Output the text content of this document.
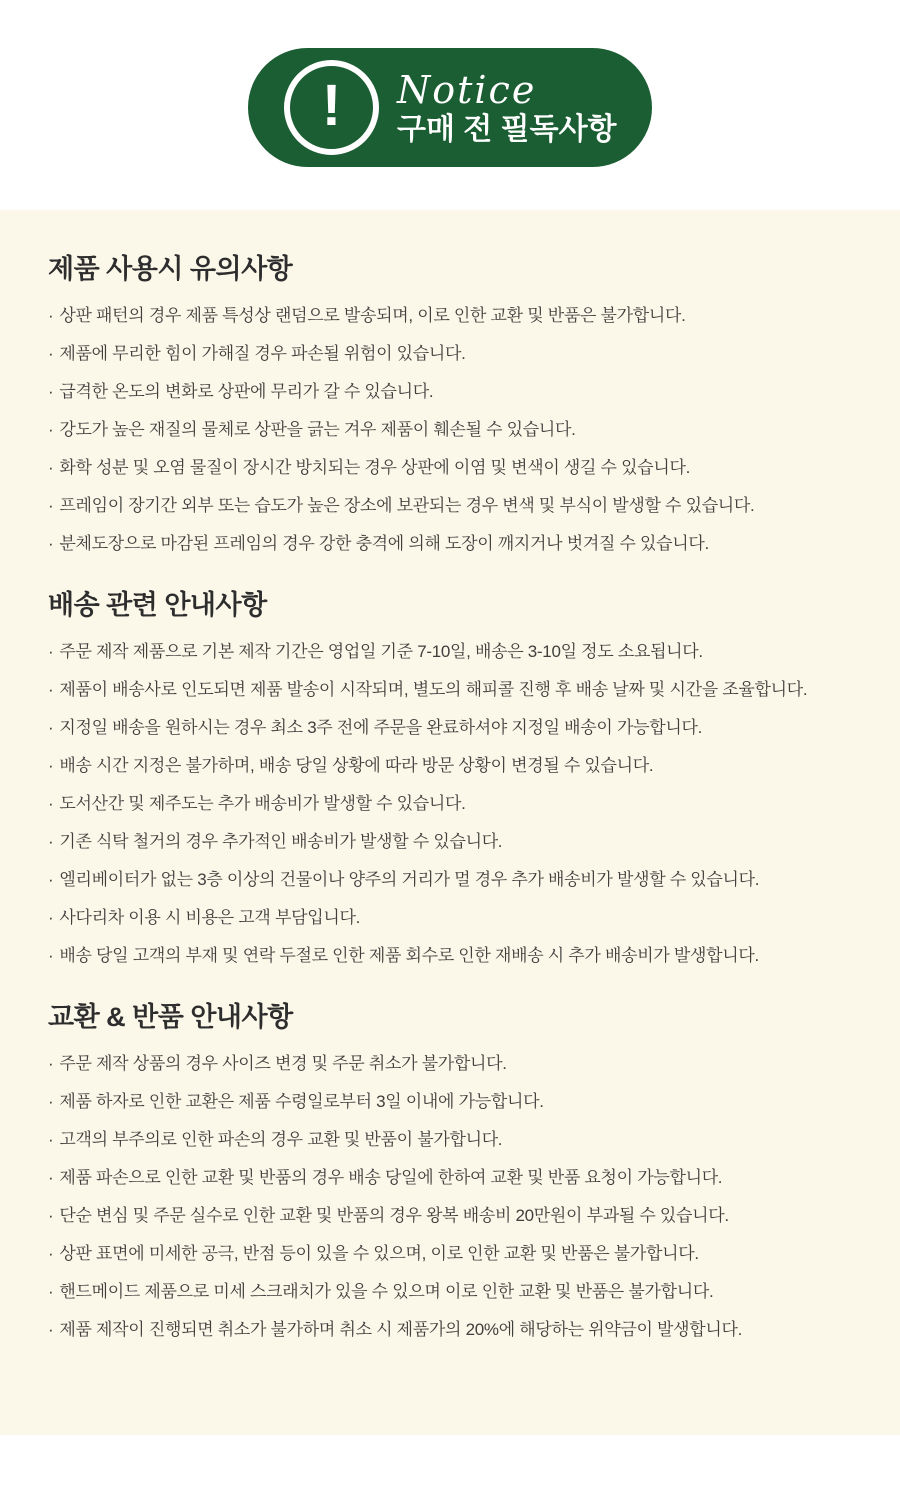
! Notice
구매 전 필독사항
제품 사용시 유의사항
· 상판 패턴의 경우 제품 특성상 랜덤으로 발송되며, 이로 인한 교환 및 반품은 불가합니다.
· 제품에 무리한 힘이 가해질 경우 파손될 위험이 있습니다.
· 급격한 온도의 변화로 상판에 무리가 갈 수 있습니다.
· 강도가 높은 재질의 물체로 상판을 긁는 겨우 제품이 훼손될 수 있습니다.
· 화학 성분 및 오염 물질이 장시간 방치되는 경우 상판에 이염 및 변색이 생길 수 있습니다.
· 프레임이 장기간 외부 또는 습도가 높은 장소에 보관되는 경우 변색 및 부식이 발생할 수 있습니다.
· 분체도장으로 마감된 프레임의 경우 강한 충격에 의해 도장이 깨지거나 벗겨질 수 있습니다.
배송 관련 안내사항
· 주문 제작 제품으로 기본 제작 기간은 영업일 기준 7-10일, 배송은 3-10일 정도 소요됩니다.
· 제품이 배송사로 인도되면 제품 발송이 시작되며, 별도의 해피콜 진행 후 배송 날짜 및 시간을 조율합니다.
· 지정일 배송을 원하시는 경우 최소 3주 전에 주문을 완료하셔야 지정일 배송이 가능합니다.
· 배송 시간 지정은 불가하며, 배송 당일 상황에 따라 방문 상황이 변경될 수 있습니다.
· 도서산간 및 제주도는 추가 배송비가 발생할 수 있습니다.
· 기존 식탁 철거의 경우 추가적인 배송비가 발생할 수 있습니다.
· 엘리베이터가 없는 3층 이상의 건물이나 양주의 거리가 멀 경우 추가 배송비가 발생할 수 있습니다.
· 사다리차 이용 시 비용은 고객 부담입니다.
· 배송 당일 고객의 부재 및 연락 두절로 인한 제품 회수로 인한 재배송 시 추가 배송비가 발생합니다.
교환 & 반품 안내사항
· 주문 제작 상품의 경우 사이즈 변경 및 주문 취소가 불가합니다.
· 제품 하자로 인한 교환은 제품 수령일로부터 3일 이내에 가능합니다.
· 고객의 부주의로 인한 파손의 경우 교환 및 반품이 불가합니다.
· 제품 파손으로 인한 교환 및 반품의 경우 배송 당일에 한하여 교환 및 반품 요청이 가능합니다.
· 단순 변심 및 주문 실수로 인한 교환 및 반품의 경우 왕복 배송비 20만원이 부과될 수 있습니다.
· 상판 표면에 미세한 공극, 반점 등이 있을 수 있으며, 이로 인한 교환 및 반품은 불가합니다.
· 핸드메이드 제품으로 미세 스크래치가 있을 수 있으며 이로 인한 교환 및 반품은 불가합니다.
· 제품 제작이 진행되면 취소가 불가하며 취소 시 제품가의 20%에 해당하는 위약금이 발생합니다.
